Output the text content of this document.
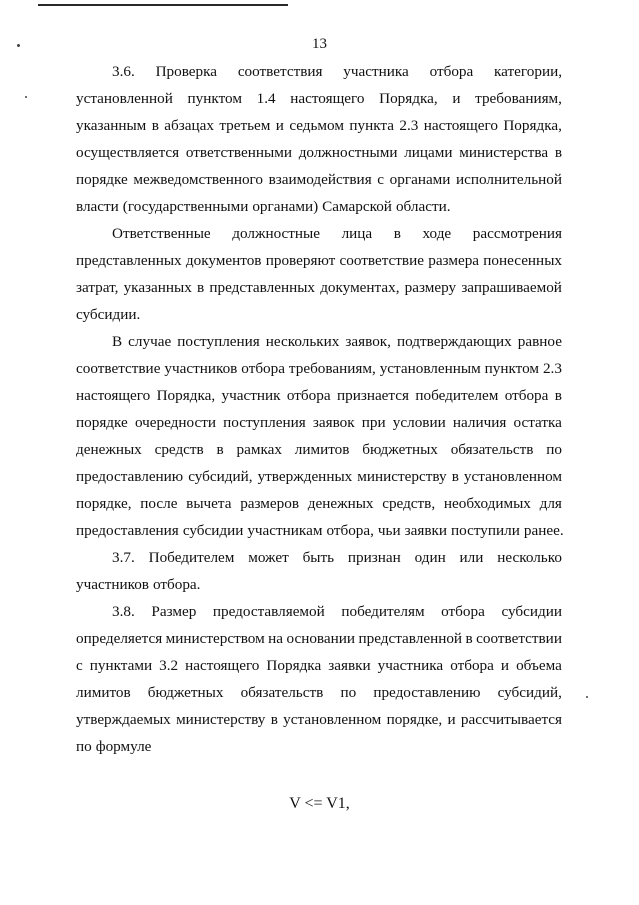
13
3.6. Проверка соответствия участника отбора категории,
установленной пунктом 1.4 настоящего Порядка, и требованиям,
указанным в абзацах третьем и седьмом пункта 2.3 настоящего Порядка,
осуществляется ответственными должностными лицами министерства в
порядке межведомственного взаимодействия с органами исполнительной
власти (государственными органами) Самарской области.
Ответственные должностные лица в ходе рассмотрения
представленных документов проверяют соответствие размера понесенных
затрат, указанных в представленных документах, размеру запрашиваемой
субсидии.
В случае поступления нескольких заявок, подтверждающих равное
соответствие участников отбора требованиям, установленным пунктом 2.3
настоящего Порядка, участник отбора признается победителем отбора в
порядке очередности поступления заявок при условии наличия остатка
денежных средств в рамках лимитов бюджетных обязательств по
предоставлению субсидий, утвержденных министерству в установленном
порядке, после вычета размеров денежных средств, необходимых для
предоставления субсидии участникам отбора, чьи заявки поступили ранее.
3.7. Победителем может быть признан один или несколько
участников отбора.
3.8. Размер предоставляемой победителям отбора субсидии
определяется министерством на основании представленной в соответствии
с пунктами 3.2 настоящего Порядка заявки участника отбора и объема
лимитов бюджетных обязательств по предоставлению субсидий,
утверждаемых министерству в установленном порядке, и рассчитывается
по формуле
V <= V1,
